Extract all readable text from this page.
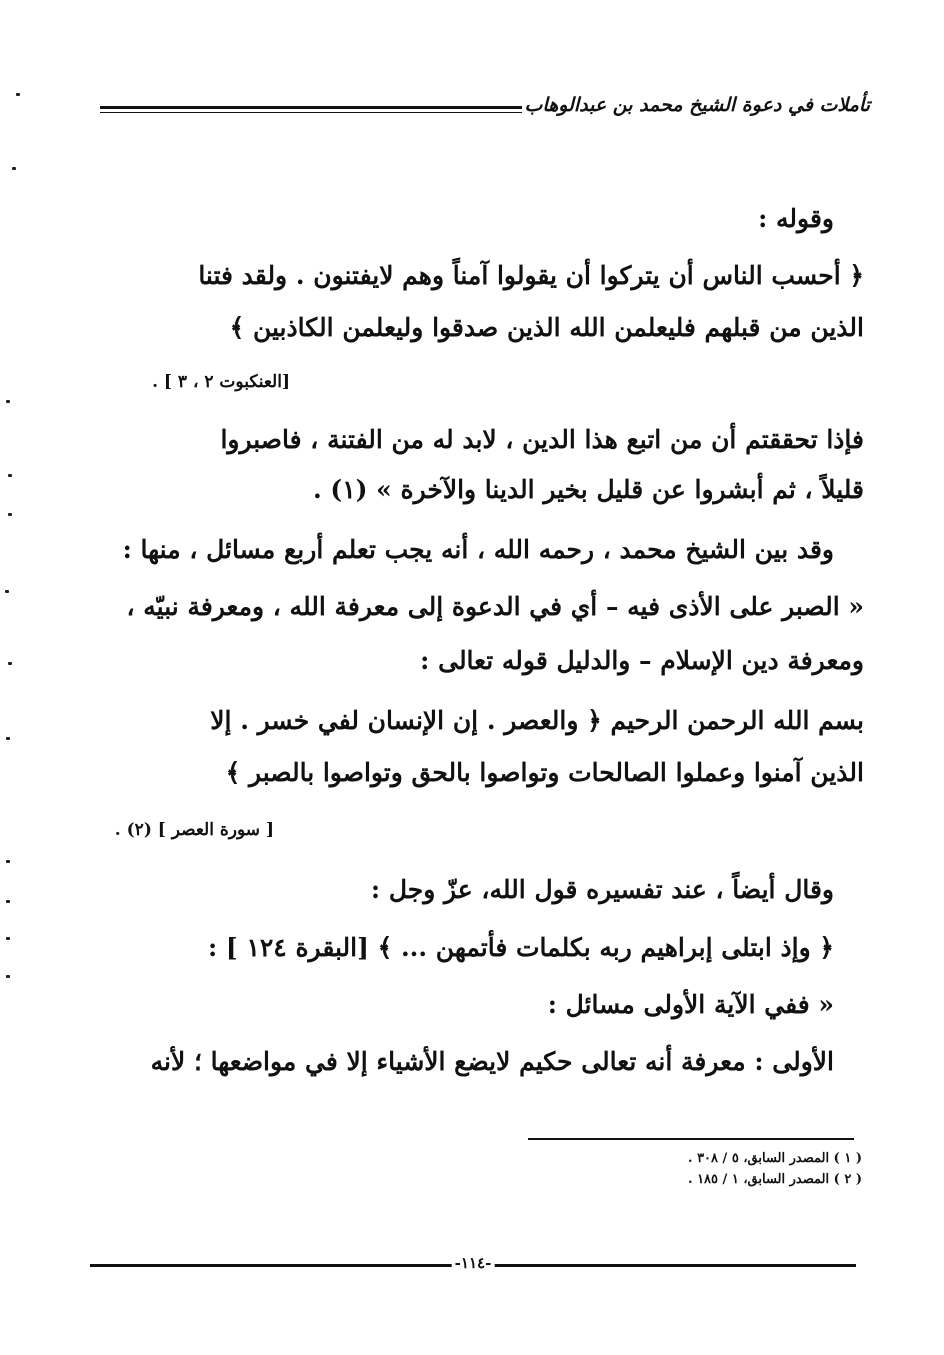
تأملات في دعوة الشيخ محمد بن عبدالوهاب
وقوله :
﴿ أحسب الناس أن يتركوا أن يقولوا آمناً وهم لايفتنون . ولقد فتنا
الذين من قبلهم فليعلمن الله الذين صدقوا وليعلمن الكاذبين ﴾
[العنكبوت ٢ ، ٣ ] .
فإذا تحققتم أن من اتبع هذا الدين ، لابد له من الفتنة ، فاصبروا
قليلاً ، ثم أبشروا عن قليل بخير الدينا والآخرة » (١) .
وقد بين الشيخ محمد ، رحمه الله ، أنه يجب تعلم أربع مسائل ، منها :
« الصبر على الأذى فيه – أي في الدعوة إلى معرفة الله ، ومعرفة نبيّه ،
ومعرفة دين الإسلام – والدليل قوله تعالى :
بسم الله الرحمن الرحيم ﴿ والعصر . إن الإنسان لفي خسر . إلا
الذين آمنوا وعملوا الصالحات وتواصوا بالحق وتواصوا بالصبر ﴾
[ سورة العصر ] (٢) .
وقال أيضاً ، عند تفسيره قول الله، عزّ وجل :
﴿ وإذ ابتلى إبراهيم ربه بكلمات فأتمهن ... ﴾ [البقرة ١٢٤ ] :
« ففي الآية الأولى مسائل :
الأولى : معرفة أنه تعالى حكيم لايضع الأشياء إلا في مواضعها ؛ لأنه
( ١ ) المصدر السابق، ٥ / ٣٠٨ .
( ٢ ) المصدر السابق، ١ / ١٨٥ .
-١١٤-
